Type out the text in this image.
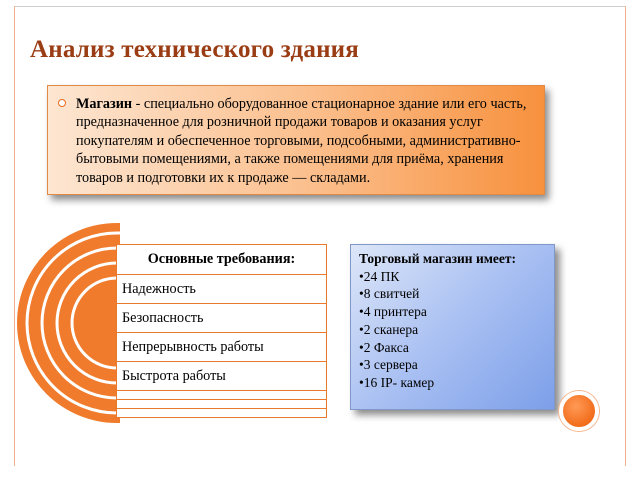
Анализ технического здания
Магазин - специально оборудованное стационарное здание или его часть, предназначенное для розничной продажи товаров и оказания услуг покупателям и обеспеченное торговыми, подсобными, административно-бытовыми помещениями, а также помещениями для приёма, хранения товаров и подготовки их к продаже — складами.
Основные требования:
Надежность
Безопасность
Непрерывность работы
Быстрота работы

Торговый магазин имеет:
•24 ПК
•8 свитчей
•4 принтера
•2 сканера
•2 Факса
•3 сервера
•16 IP- камер
